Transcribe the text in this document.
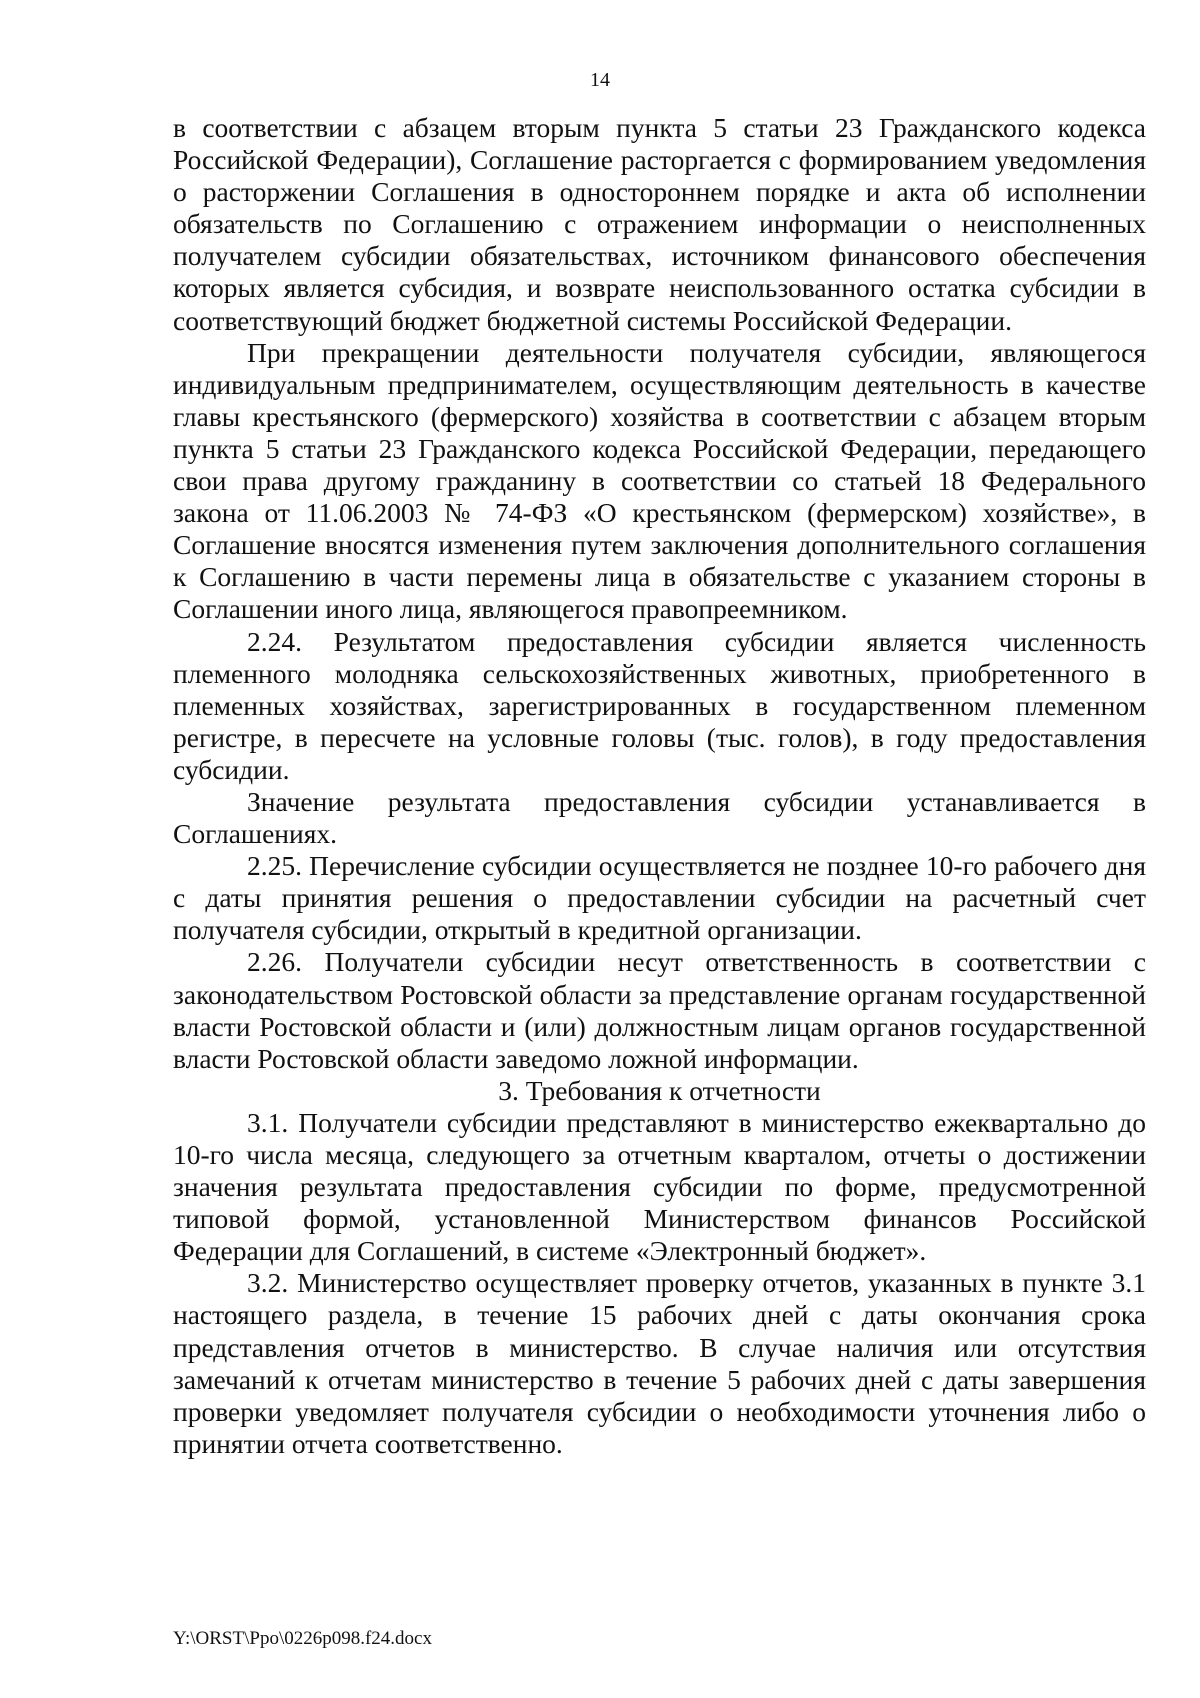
14

в соответствии с абзацем вторым пункта 5 статьи 23 Гражданского кодекса Российской Федерации), Соглашение расторгается с формированием уведомления о расторжении Соглашения в одностороннем порядке и акта об исполнении обязательств по Соглашению с отражением информации о неисполненных получателем субсидии обязательствах, источником финансового обеспечения которых является субсидия, и возврате неиспользованного остатка субсидии в соответствующий бюджет бюджетной системы Российской Федерации.

При прекращении деятельности получателя субсидии, являющегося индивидуальным предпринимателем, осуществляющим деятельность в качестве главы крестьянского (фермерского) хозяйства в соответствии с абзацем вторым пункта 5 статьи 23 Гражданского кодекса Российской Федерации, передающего свои права другому гражданину в соответствии со статьей 18 Федерального закона от 11.06.2003 № 74-ФЗ «О крестьянском (фермерском) хозяйстве», в Соглашение вносятся изменения путем заключения дополнительного соглашения к Соглашению в части перемены лица в обязательстве с указанием стороны в Соглашении иного лица, являющегося правопреемником.

2.24. Результатом предоставления субсидии является численность племенного молодняка сельскохозяйственных животных, приобретенного в племенных хозяйствах, зарегистрированных в государственном племенном регистре, в пересчете на условные головы (тыс. голов), в году предоставления субсидии.

Значение результата предоставления субсидии устанавливается в Соглашениях.

2.25. Перечисление субсидии осуществляется не позднее 10-го рабочего дня с даты принятия решения о предоставлении субсидии на расчетный счет получателя субсидии, открытый в кредитной организации.

2.26. Получатели субсидии несут ответственность в соответствии с законодательством Ростовской области за представление органам государственной власти Ростовской области и (или) должностным лицам органов государственной власти Ростовской области заведомо ложной информации.

3. Требования к отчетности

3.1. Получатели субсидии представляют в министерство ежеквартально до 10-го числа месяца, следующего за отчетным кварталом, отчеты о достижении значения результата предоставления субсидии по форме, предусмотренной типовой формой, установленной Министерством финансов Российской Федерации для Соглашений, в системе «Электронный бюджет».

3.2. Министерство осуществляет проверку отчетов, указанных в пункте 3.1 настоящего раздела, в течение 15 рабочих дней с даты окончания срока представления отчетов в министерство. В случае наличия или отсутствия замечаний к отчетам министерство в течение 5 рабочих дней с даты завершения проверки уведомляет получателя субсидии о необходимости уточнения либо о принятии отчета соответственно.

Y:\ORST\Ppo\0226p098.f24.docx
